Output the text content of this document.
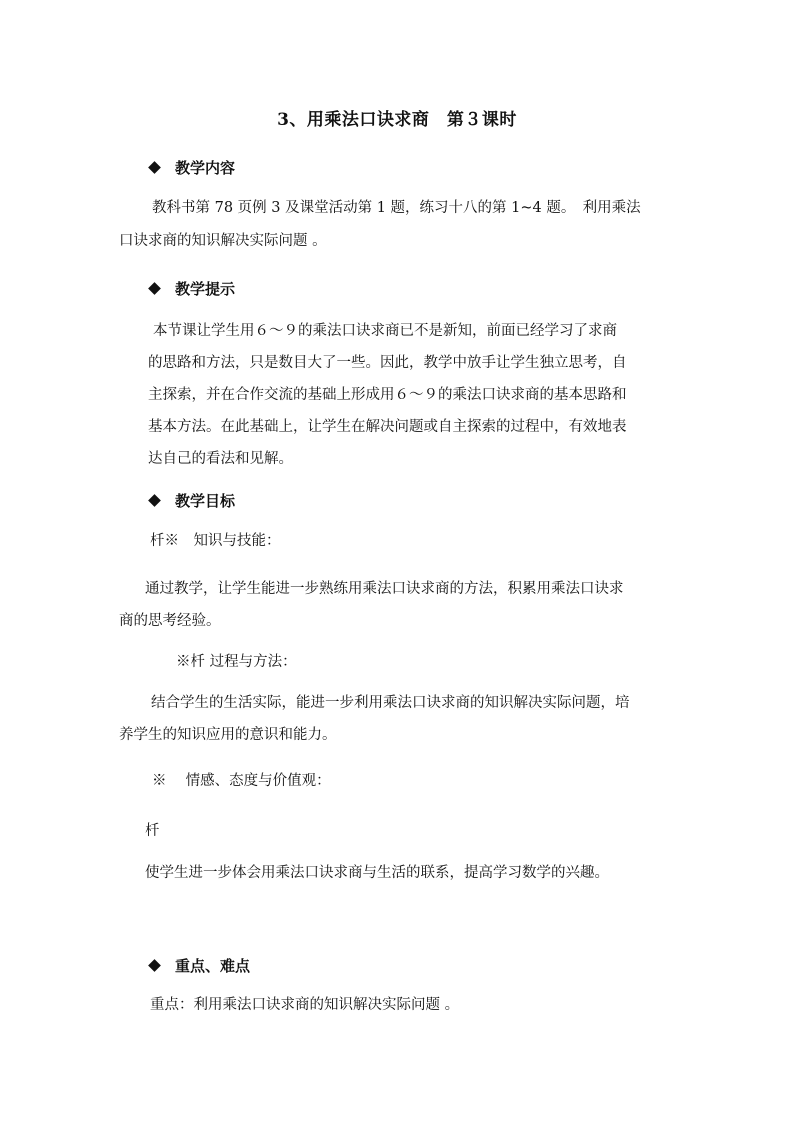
3、用乘法口诀求商　第３课时
教学内容
教科书第 78 页例 3 及课堂活动第 1 题，练习十八的第 1~4 题。　利用乘法
口诀求商的知识解决实际问题 。
教学提示
本节课让学生用６～９的乘法口诀求商已不是新知，前面已经学习了求商
的思路和方法，只是数目大了一些。因此，教学中放手让学生独立思考，自
主探索，并在合作交流的基础上形成用６～９的乘法口诀求商的基本思路和
基本方法。在此基础上，让学生在解决问题或自主探索的过程中，有效地表
达自己的看法和见解。
教学目标
杄※　知识与技能：
通过教学，让学生能进一步熟练用乘法口诀求商的方法，积累用乘法口诀求
商的思考经验。
※杄 过程与方法：
结合学生的生活实际，能进一步利用乘法口诀求商的知识解决实际问题，培
养学生的知识应用的意识和能力。
※　 情感、态度与价值观：
杄
使学生进一步体会用乘法口诀求商与生活的联系，提高学习数学的兴趣。
重点、难点
重点：利用乘法口诀求商的知识解决实际问题 。
